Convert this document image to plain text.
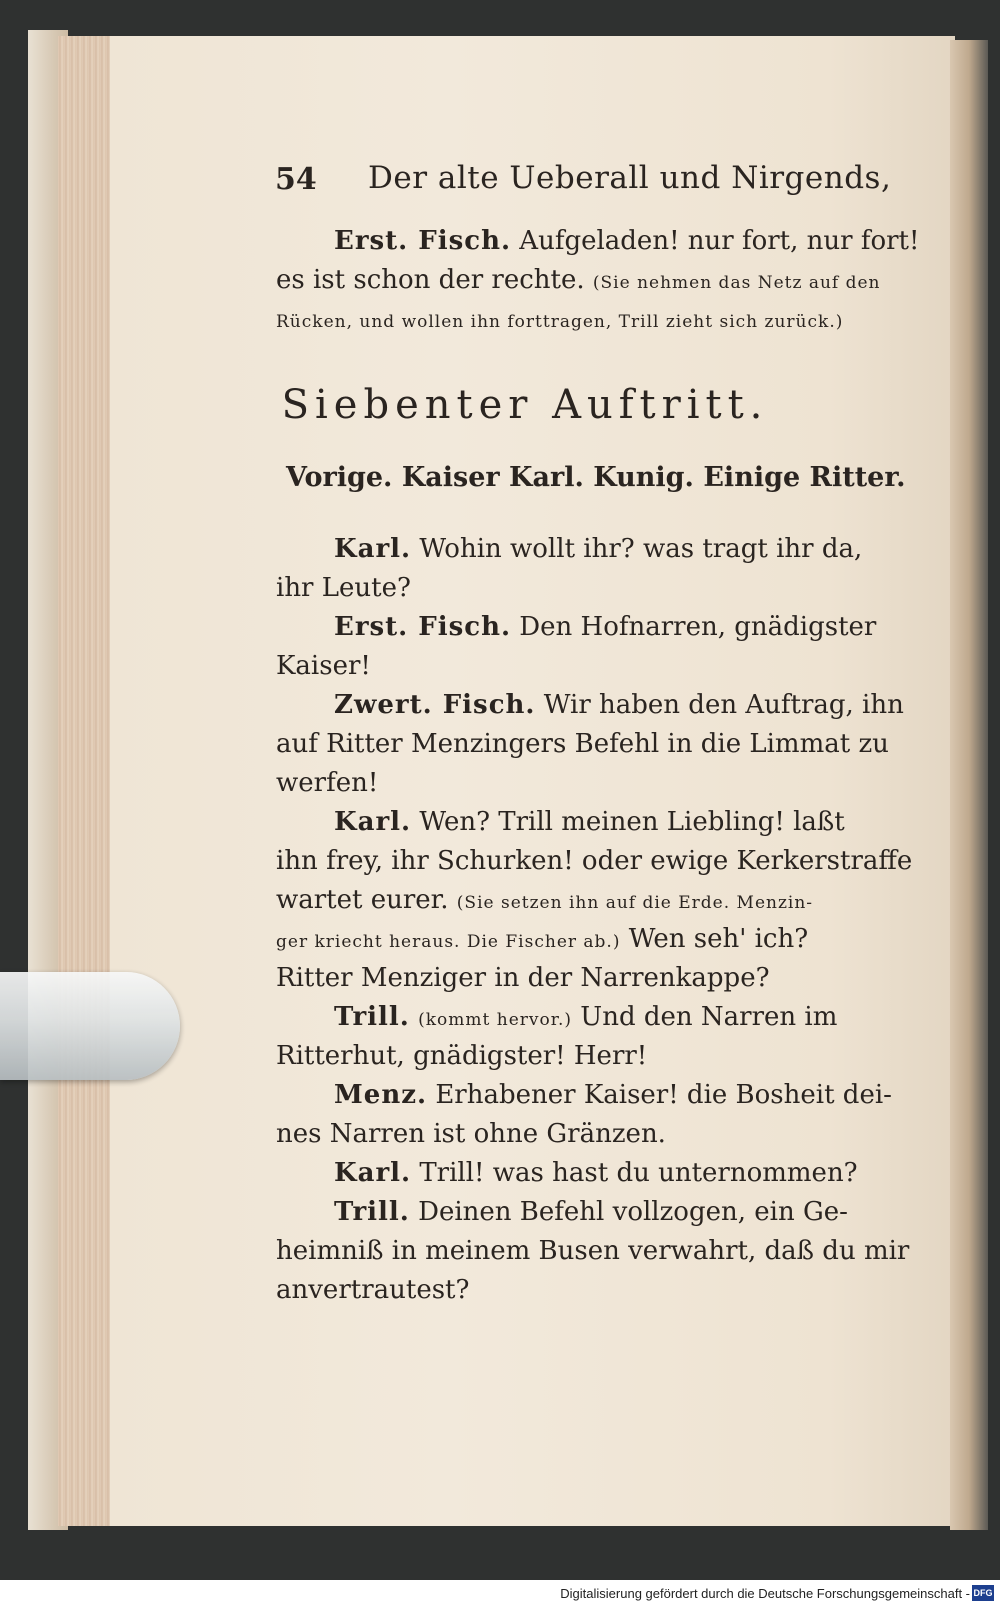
54 Der alte Ueberall und Nirgends,
Erst. Fisch. Aufgeladen! nur fort, nur fort!
es ist schon der rechte. (Sie nehmen das Netz auf den
Rücken, und wollen ihn forttragen, Trill zieht sich zurück.)
Siebenter Auftritt.
Vorige. Kaiser Karl. Kunig. Einige Ritter.
Karl. Wohin wollt ihr? was tragt ihr da,
ihr Leute?
Erst. Fisch. Den Hofnarren, gnädigster
Kaiser!
Zwert. Fisch. Wir haben den Auftrag, ihn
auf Ritter Menzingers Befehl in die Limmat zu
werfen!
Karl. Wen? Trill meinen Liebling! laßt
ihn frey, ihr Schurken! oder ewige Kerkerstraffe
wartet eurer. (Sie setzen ihn auf die Erde. Menzin-
ger kriecht heraus. Die Fischer ab.) Wen seh' ich?
Ritter Menziger in der Narrenkappe?
Trill. (kommt hervor.) Und den Narren im
Ritterhut, gnädigster! Herr!
Menz. Erhabener Kaiser! die Bosheit dei-
nes Narren ist ohne Gränzen.
Karl. Trill! was hast du unternommen?
Trill. Deinen Befehl vollzogen, ein Ge-
heimniß in meinem Busen verwahrt, daß du mir
anvertrautest?
Digitalisierung gefördert durch die Deutsche Forschungsgemeinschaft - DFG
